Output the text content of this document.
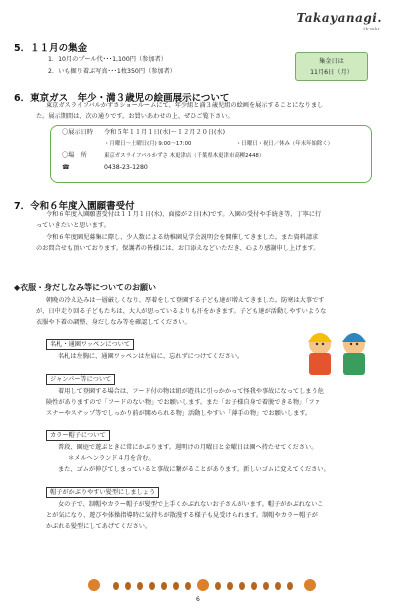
Takayanagi.
tk-mhr
5．１１月の集金
1．10月のプール代･･･1,100円（参加者）
2．いも掘り着ぶ写真･･･1枚350円（参加者）
集金日は
11月6日（月）
6．東京ガス　年少・満３歳児の絵画展示について
東京ガスライフバルかずさショールームにて、年少組と満３歳児組の絵画を展示することになりまし
た。展示期間は、次の通りです。お買いあわせの上、ぜひご覧下さい。
〇展示日時 令和５年１１月１日(水)～１２月２０日(水)
・月曜日～土曜日(月) 9:00～17:00	・日曜日・祝日／休み（年末年始除く）
〇場　所	東京ガスライフバルかずさ 木更津店（千葉県木更津市高柳2448）
☎	0438-23-1280
7．令和６年度入園願書受付
令和６年度入園願書受付は１１月１日(水)、面接が２日(木)です。入園の受付や手続き等、丁寧に行
っていきたいと思います。
令和６年度園児募集に際し、少人数による幼稚園見学会説明会を開催してきました。また資料請求
のお問合せも頂いております。保護者の皆様には、お口添えなどいただき、心より感謝申し上げます。
◆衣服・身だしなみ等についてのお願い
朝晩の冷え込みは一層厳しくなり、厚着をして登園する子ども達が増えてきました。防寒は大事です
が、日中走り回る子どもたちは、大人が思っているよりも汗をかきます。子ども達が活動しやすいような
衣服や下着の調整、身だしなみ等を確認してください。
名札・通園ワッペンについて
名札は左胸に、通園ワッペンは左肩に、忘れずにつけてください。
ジャンパー等について
着用して登園する場合は、フード付の物は紐が遊具に引っかかって怪我や事故になってしまう危
険性がありますので「フードのない物」でお願いします。また「お子様自身で着脱できる物」「ファ
スナーやスナップ等でしっかり前が開められる物」活動しやすい「薄手の物」でお願いします。
カラー帽子について
普段、園庭で遊ぶときに常にかぶります。週明けの月曜日と金曜日は園へ持たせてください。
＊メルヘンランド４月を含む。
また、ゴムが伸びてしまっていると事故に繋がることがあります。新しいゴムに変えてください。
帽子がかぶりやすい髪型にしましょう
女の子で、制帽やカラー帽子が髪型で上手くかぶれないお子さんがいます。帽子がかぶれないこ
とが気になり、遊びや体操指導時に気持ちが散漫する様子も見受けられます。制帽やカラー帽子が
かぶれる髪型にしてあげてください。
6
